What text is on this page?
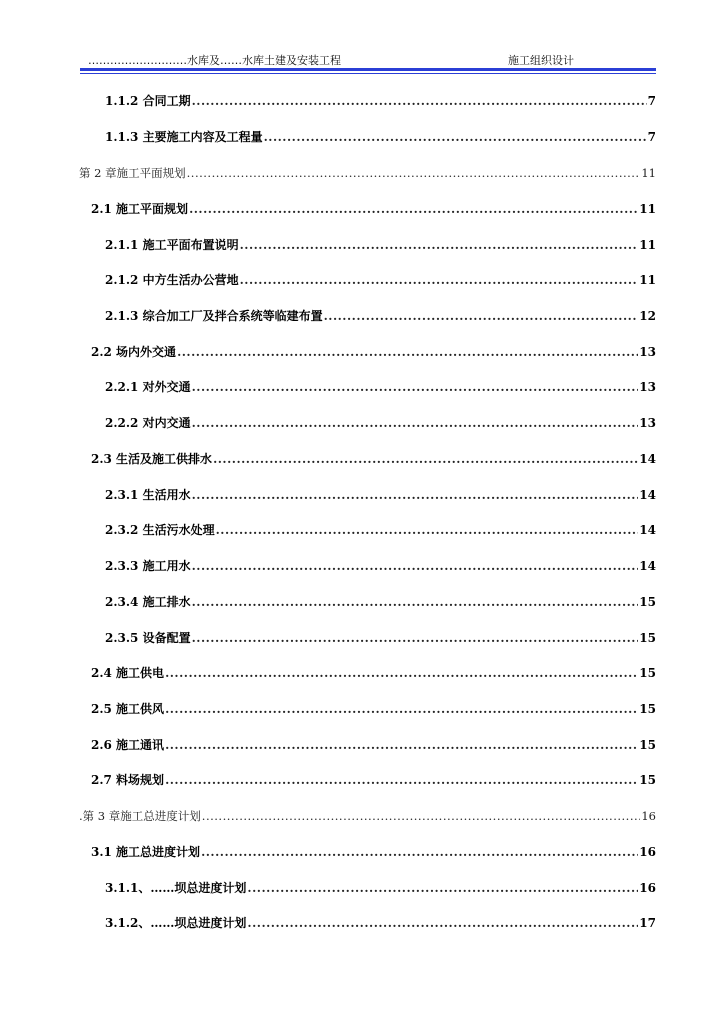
………………………水库及……水库土建及安装工程	施工组织设计
1.1.2 合同工期 .....	7
1.1.3 主要施工内容及工程量 .....	7
第 2 章施工平面规划 .....	11
2.1 施工平面规划 .....	11
2.1.1 施工平面布置说明 .....	11
2.1.2 中方生活办公营地 .....	11
2.1.3 综合加工厂及拌合系统等临建布置 .....	12
2.2 场内外交通 .....	13
2.2.1 对外交通 .....	13
2.2.2 对内交通 .....	13
2.3 生活及施工供排水 .....	14
2.3.1 生活用水 .....	14
2.3.2 生活污水处理 .....	14
2.3.3 施工用水 .....	14
2.3.4 施工排水 .....	15
2.3.5 设备配置 .....	15
2.4 施工供电 .....	15
2.5 施工供风 .....	15
2.6 施工通讯 .....	15
2.7 料场规划 .....	15
.第 3 章施工总进度计划 .....	16
3.1 施工总进度计划 .....	16
3.1.1、……坝总进度计划 .....	16
3.1.2、……坝总进度计划 .....	17
